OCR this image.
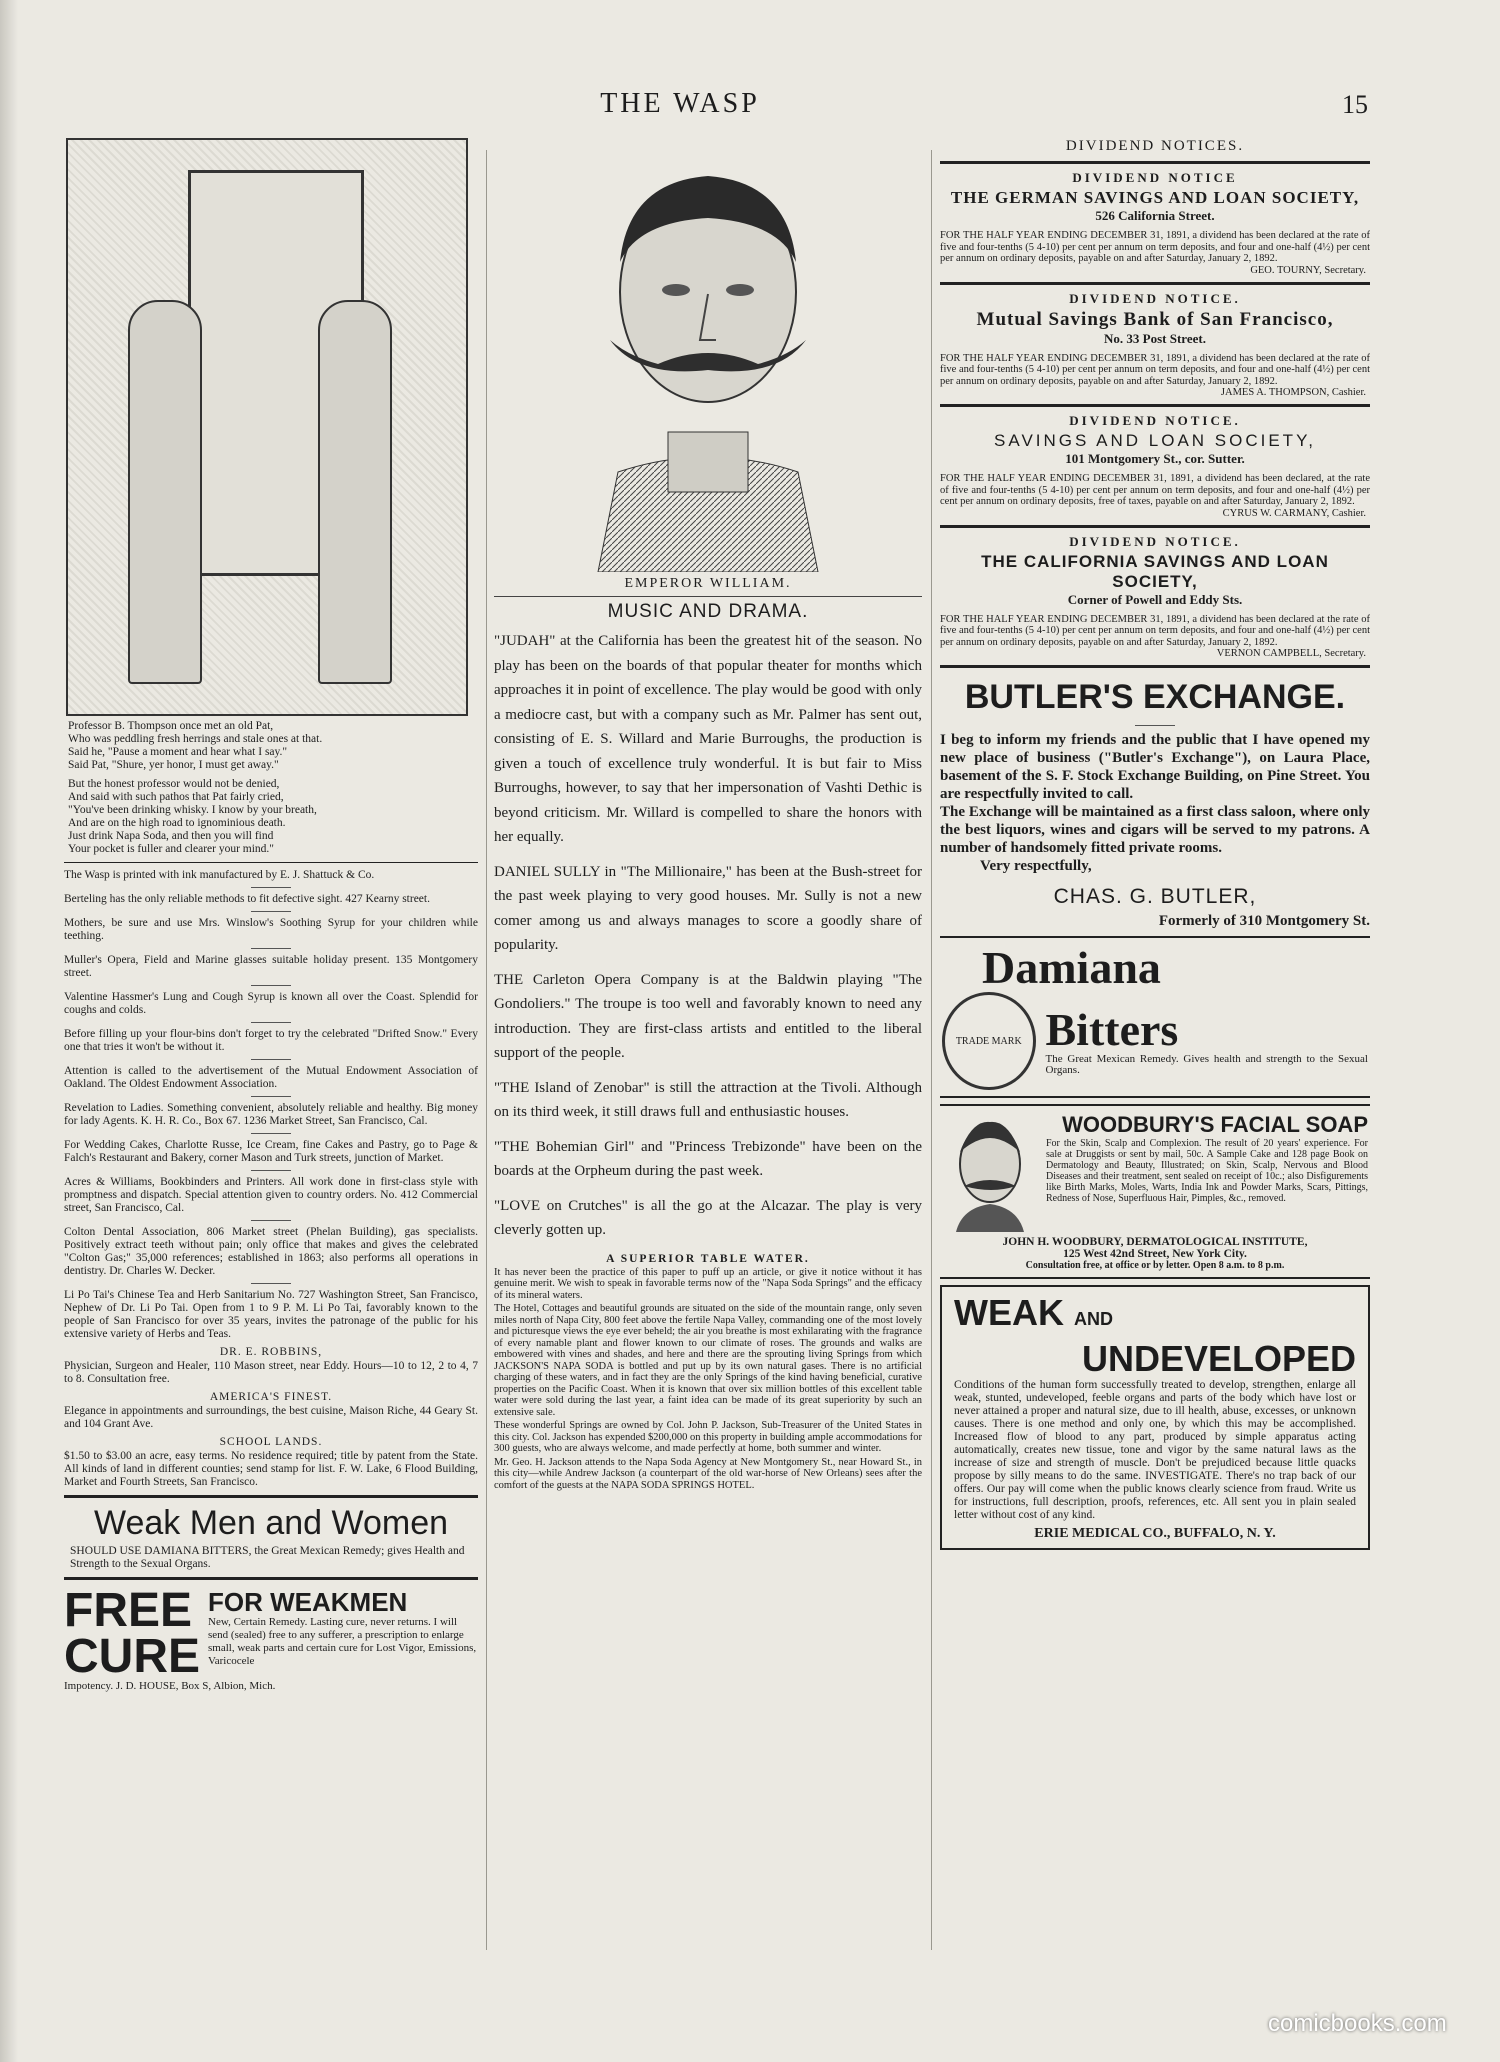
THE WASP	15

Professor B. Thompson once met an old Pat,
Who was peddling fresh herrings and stale ones at that.
Said he, "Pause a moment and hear what I say."
Said Pat, "Shure, yer honor, I must get away."

But the honest professor would not be denied,
And said with such pathos that Pat fairly cried,
"You've been drinking whisky. I know by your breath,
And are on the high road to ignominious death.
Just drink Napa Soda, and then you will find
Your pocket is fuller and clearer your mind."

The Wasp is printed with ink manufactured by E. J. Shattuck & Co.

Berteling has the only reliable methods to fit defective sight. 427 Kearny street.

Mothers, be sure and use Mrs. Winslow's Soothing Syrup for your children while teething.

Muller's Opera, Field and Marine glasses suitable holiday present. 135 Montgomery street.

Valentine Hassmer's Lung and Cough Syrup is known all over the Coast. Splendid for coughs and colds.

Before filling up your flour-bins don't forget to try the celebrated "Drifted Snow." Every one that tries it won't be without it.

Attention is called to the advertisement of the Mutual Endowment Association of Oakland. The Oldest Endowment Association.

Revelation to Ladies. Something convenient, absolutely reliable and healthy. Big money for lady Agents. K. H. R. Co., Box 67. 1236 Market Street, San Francisco, Cal.

For Wedding Cakes, Charlotte Russe, Ice Cream, fine Cakes and Pastry, go to Page & Falch's Restaurant and Bakery, corner Mason and Turk streets, junction of Market.

Acres & Williams, Bookbinders and Printers. All work done in first-class style with promptness and dispatch. Special attention given to country orders. No. 412 Commercial street, San Francisco, Cal.

Colton Dental Association, 806 Market street (Phelan Building), gas specialists. Positively extract teeth without pain; only office that makes and gives the celebrated "Colton Gas;" 35,000 references; established in 1863; also performs all operations in dentistry. Dr. Charles W. Decker.

Li Po Tai's Chinese Tea and Herb Sanitarium No. 727 Washington Street, San Francisco, Nephew of Dr. Li Po Tai. Open from 1 to 9 P. M. Li Po Tai, favorably known to the people of San Francisco for over 35 years, invites the patronage of the public for his extensive variety of Herbs and Teas.

DR. E. ROBBINS,

Physician, Surgeon and Healer, 110 Mason street, near Eddy. Hours—10 to 12, 2 to 4, 7 to 8. Consultation free.

AMERICA'S FINEST.

Elegance in appointments and surroundings, the best cuisine, Maison Riche, 44 Geary St. and 104 Grant Ave.

SCHOOL LANDS.

$1.50 to $3.00 an acre, easy terms. No residence required; title by patent from the State. All kinds of land in different counties; send stamp for list. F. W. Lake, 6 Flood Building, Market and Fourth Streets, San Francisco.

Weak Men and Women
SHOULD USE DAMIANA BITTERS, the Great Mexican Remedy; gives Health and Strength to the Sexual Organs.
FREE
CURE
FOR WEAKMEN
New, Certain Remedy. Lasting cure, never returns. I will send (sealed) free to any sufferer, a prescription to enlarge small, weak parts and certain cure for Lost Vigor, Emissions, Varicocele
Impotency. J. D. HOUSE, Box S, Albion, Mich.
EMPEROR WILLIAM.
MUSIC AND DRAMA.

"JUDAH" at the California has been the greatest hit of the season. No play has been on the boards of that popular theater for months which approaches it in point of excellence. The play would be good with only a mediocre cast, but with a company such as Mr. Palmer has sent out, consisting of E. S. Willard and Marie Burroughs, the production is given a touch of excellence truly wonderful. It is but fair to Miss Burroughs, however, to say that her impersonation of Vashti Dethic is beyond criticism. Mr. Willard is compelled to share the honors with her equally.

DANIEL SULLY in "The Millionaire," has been at the Bush-street for the past week playing to very good houses. Mr. Sully is not a new comer among us and always manages to score a goodly share of popularity.

THE Carleton Opera Company is at the Baldwin playing "The Gondoliers." The troupe is too well and favorably known to need any introduction. They are first-class artists and entitled to the liberal support of the people.

"THE Island of Zenobar" is still the attraction at the Tivoli. Although on its third week, it still draws full and enthusiastic houses.

"THE Bohemian Girl" and "Princess Trebizonde" have been on the boards at the Orpheum during the past week.

"LOVE on Crutches" is all the go at the Alcazar. The play is very cleverly gotten up.

A SUPERIOR TABLE WATER.

It has never been the practice of this paper to puff up an article, or give it notice without it has genuine merit. We wish to speak in favorable terms now of the "Napa Soda Springs" and the efficacy of its mineral waters.

The Hotel, Cottages and beautiful grounds are situated on the side of the mountain range, only seven miles north of Napa City, 800 feet above the fertile Napa Valley, commanding one of the most lovely and picturesque views the eye ever beheld; the air you breathe is most exhilarating with the fragrance of every namable plant and flower known to our climate of roses. The grounds and walks are embowered with vines and shades, and here and there are the sprouting living Springs from which JACKSON'S NAPA SODA is bottled and put up by its own natural gases. There is no artificial charging of these waters, and in fact they are the only Springs of the kind having beneficial, curative properties on the Pacific Coast. When it is known that over six million bottles of this excellent table water were sold during the last year, a faint idea can be made of its great superiority by such an extensive sale.

These wonderful Springs are owned by Col. John P. Jackson, Sub-Treasurer of the United States in this city. Col. Jackson has expended $200,000 on this property in building ample accommodations for 300 guests, who are always welcome, and made perfectly at home, both summer and winter.

Mr. Geo. H. Jackson attends to the Napa Soda Agency at New Montgomery St., near Howard St., in this city—while Andrew Jackson (a counterpart of the old war-horse of New Orleans) sees after the comfort of the guests at the NAPA SODA SPRINGS HOTEL.

DIVIDEND NOTICES.
DIVIDEND NOTICE
THE GERMAN SAVINGS AND LOAN SOCIETY,
526 California Street.

FOR THE HALF YEAR ENDING DECEMBER 31, 1891, a dividend has been declared at the rate of five and four-tenths (5 4-10) per cent per annum on term deposits, and four and one-half (4½) per cent per annum on ordinary deposits, payable on and after Saturday, January 2, 1892.

GEO. TOURNY, Secretary.
DIVIDEND NOTICE.
Mutual Savings Bank of San Francisco,
No. 33 Post Street.

FOR THE HALF YEAR ENDING DECEMBER 31, 1891, a dividend has been declared at the rate of five and four-tenths (5 4-10) per cent per annum on term deposits, and four and one-half (4½) per cent per annum on ordinary deposits, payable on and after Saturday, January 2, 1892.

JAMES A. THOMPSON, Cashier.
DIVIDEND NOTICE.
SAVINGS AND LOAN SOCIETY,
101 Montgomery St., cor. Sutter.

FOR THE HALF YEAR ENDING DECEMBER 31, 1891, a dividend has been declared, at the rate of five and four-tenths (5 4-10) per cent per annum on term deposits, and four and one-half (4½) per cent per annum on ordinary deposits, free of taxes, payable on and after Saturday, January 2, 1892.

CYRUS W. CARMANY, Cashier.
DIVIDEND NOTICE.
THE CALIFORNIA SAVINGS AND LOAN SOCIETY,
Corner of Powell and Eddy Sts.

FOR THE HALF YEAR ENDING DECEMBER 31, 1891, a dividend has been declared at the rate of five and four-tenths (5 4-10) per cent per annum on term deposits, and four and one-half (4½) per cent per annum on ordinary deposits, payable on and after Saturday, January 2, 1892.

VERNON CAMPBELL, Secretary.
BUTLER'S EXCHANGE.

I beg to inform my friends and the public that I have opened my new place of business ("Butler's Exchange"), on Laura Place, basement of the S. F. Stock Exchange Building, on Pine Street. You are respectfully invited to call.

The Exchange will be maintained as a first class saloon, where only the best liquors, wines and cigars will be served to my patrons. A number of handsomely fitted private rooms.

Very respectfully,

CHAS. G. BUTLER,
Formerly of 310 Montgomery St.
Damiana
TRADE MARK Bitters
The Great Mexican Remedy. Gives health and strength to the Sexual Organs.
WOODBURY'S FACIAL SOAP
For the Skin, Scalp and Complexion. The result of 20 years' experience. For sale at Druggists or sent by mail, 50c. A Sample Cake and 128 page Book on Dermatology and Beauty, Illustrated; on Skin, Scalp, Nervous and Blood Diseases and their treatment, sent sealed on receipt of 10c.; also Disfigurements like Birth Marks, Moles, Warts, India Ink and Powder Marks, Scars, Pittings, Redness of Nose, Superfluous Hair, Pimples, &c., removed.
JOHN H. WOODBURY, DERMATOLOGICAL INSTITUTE,
125 West 42nd Street, New York City.
Consultation free, at office or by letter. Open 8 a.m. to 8 p.m.
WEAK AND
UNDEVELOPED
Conditions of the human form successfully treated to develop, strengthen, enlarge all weak, stunted, undeveloped, feeble organs and parts of the body which have lost or never attained a proper and natural size, due to ill health, abuse, excesses, or unknown causes. There is one method and only one, by which this may be accomplished. Increased flow of blood to any part, produced by simple apparatus acting automatically, creates new tissue, tone and vigor by the same natural laws as the increase of size and strength of muscle. Don't be prejudiced because little quacks propose by silly means to do the same. INVESTIGATE. There's no trap back of our offers. Our pay will come when the public knows clearly science from fraud. Write us for instructions, full description, proofs, references, etc. All sent you in plain sealed letter without cost of any kind.
ERIE MEDICAL CO., BUFFALO, N. Y.
comicbooks.com
